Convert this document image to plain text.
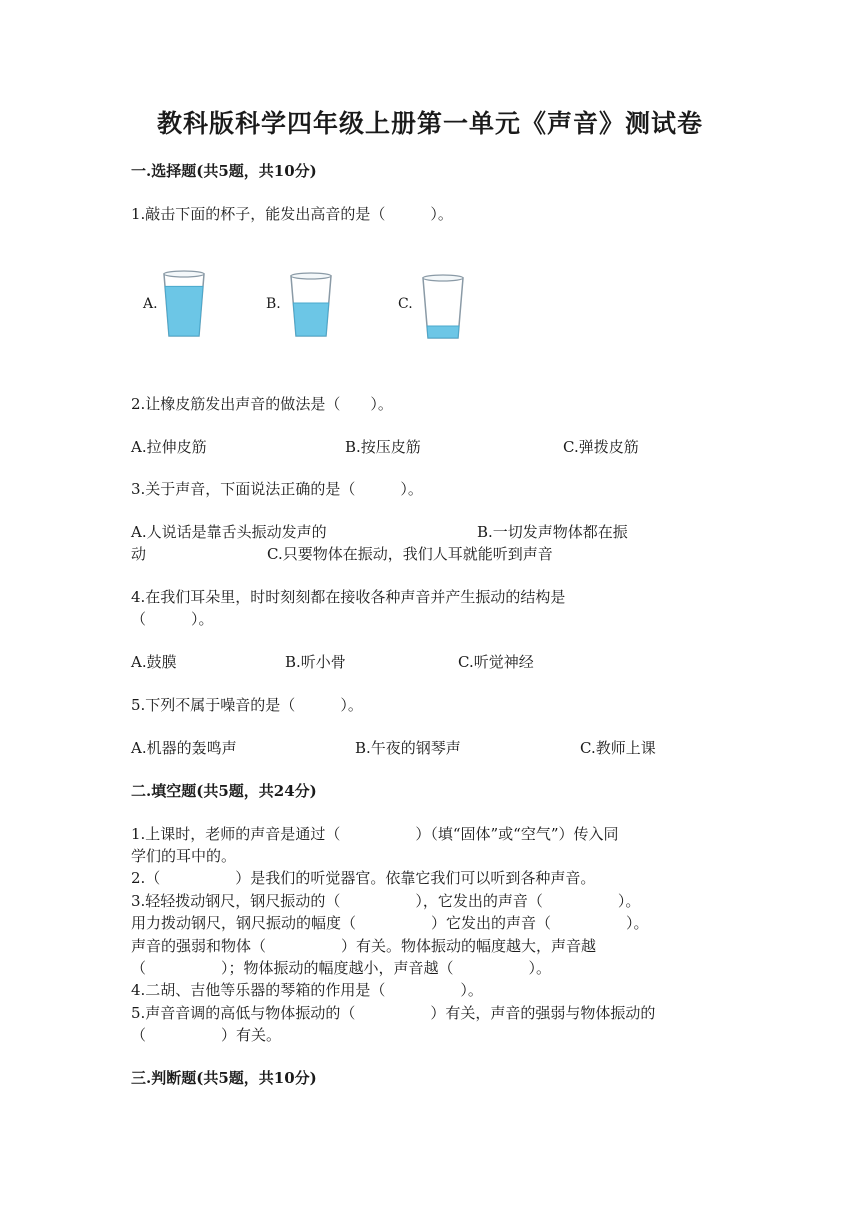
教科版科学四年级上册第一单元《声音》测试卷
一.选择题(共5题，共10分)
1.敲击下面的杯子，能发出高音的是（　　　）。
A.	B.	C.
2.让橡皮筋发出声音的做法是（　　）。
A.拉伸皮筋	B.按压皮筋	C.弹拨皮筋
3.关于声音，下面说法正确的是（　　　）。
A.人说话是靠舌头振动发声的	B.一切发声物体都在振
动	C.只要物体在振动，我们人耳就能听到声音
4.在我们耳朵里，时时刻刻都在接收各种声音并产生振动的结构是
（　　　）。
A.鼓膜	B.听小骨	C.听觉神经
5.下列不属于噪音的是（　　　）。
A.机器的轰鸣声	B.午夜的钢琴声	C.教师上课
二.填空题(共5题，共24分)
1.上课时，老师的声音是通过（　　　　　）（填“固体”或“空气”）传入同
学们的耳中的。
2.（　　　　　）是我们的听觉器官。依靠它我们可以听到各种声音。
3.轻轻拨动钢尺，钢尺振动的（　　　　　），它发出的声音（　　　　　）。
用力拨动钢尺，钢尺振动的幅度（　　　　　）它发出的声音（　　　　　）。
声音的强弱和物体（　　　　　）有关。物体振动的幅度越大，声音越
（　　　　　）；物体振动的幅度越小，声音越（　　　　　）。
4.二胡、吉他等乐器的琴箱的作用是（　　　　　）。
5.声音音调的高低与物体振动的（　　　　　）有关，声音的强弱与物体振动的
（　　　　　）有关。
三.判断题(共5题，共10分)
